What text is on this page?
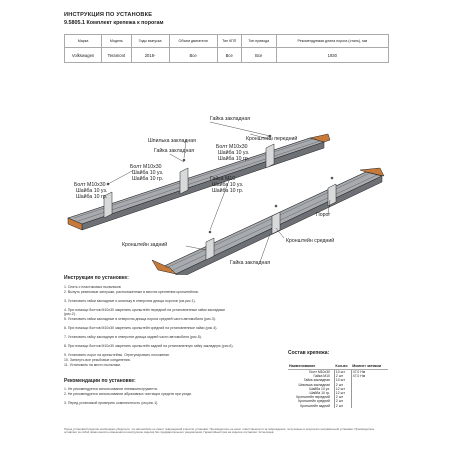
ИНСТРУКЦИЯ ПО УСТАНОВКЕ
9.5805.1 Комплект крепежа к порогам
Марка	Модель	Годы выпуска	Объем двигателя	Тип КПП	Тип привода	Рекомендуемая длина порога (сталь), мм
Volkswagen	Teramont	2018-	Все	Все	Все	1930
Гайка закладная
Кронштейн передний
Шпилька закладная
Гайка закладная
Болт М10х30
Шайба 10 уз.
Шайба 10 гр.
Болт М10х30
Шайба 10 уз.
Шайба 10 гр.
Болт М10х30
Шайба 10 уз.
Шайба 10 гр.
Гайка М10
Шайба 10 уз.
Шайба 10 гр.
Порог
Кронштейн средний
Кронштейн задний
Гайка закладная
Инструкция по установке:
1. Снять с пластиковых пыльников
2. Вынуть резиновые заглушки, расположенные в местах крепления кронштейнов.
3. Установить гайки закладные и шпильку в отверстия днища порогов (см.рис.1).
4. При помощи болтов M10x30 закрепить кронштейн передний на установленные гайки закладные (рис.2).
5. Установить гайки закладные в отверстия днища порога средней части автомобиля (рис.3).
6. При помощи болтов М10х30 закрепить кронштейн средний на установленные гайки (рис.4).
7. Установить гайку закладную в отверстие днища задней части автомобиля (рис.5).
8. При помощи болтов М10х30 закрепить кронштейн задний на установленную гайку закладную (рис.6).
9. Установить порог на кронштейны. Отрегулировать положение.
10. Затянуть все резьбовые соединения.
11. Установить на место пыльники.
Рекомендации по установке:
1. Не рекомендуется использование пневмоинструмента.
2. Не рекомендуется использование абразивных чистящих средств при уходе.
3. Перед установкой проверить комплектность (см.рис.1).
Состав крепежа:
Наименование	Кол-во	Момент затяжки
Болт М10х30	10 шт	47,0 Нм
Гайка М10	2 шт	47,0 Нм
Гайка закладная	10 шт	
Шпилька закладная	2 шт	
Шайба 10 уз.	12 шт	
Шайба 10 гр.	12 шт	
Кронштейн передний	2 шт	
Кронштейн средний	2 шт	
Кронштейн задний	2 шт	
Перед установкой изделия необходимо убедиться, что автомобиль не имеет повреждений в местах установки. Производитель не несет ответственности за повреждения, полученные в результате неправильной установки. Производитель оставляет за собой право вносить изменения в конструкцию изделия без предварительного уведомления. Гарантийный срок на изделие составляет 12 месяцев.
